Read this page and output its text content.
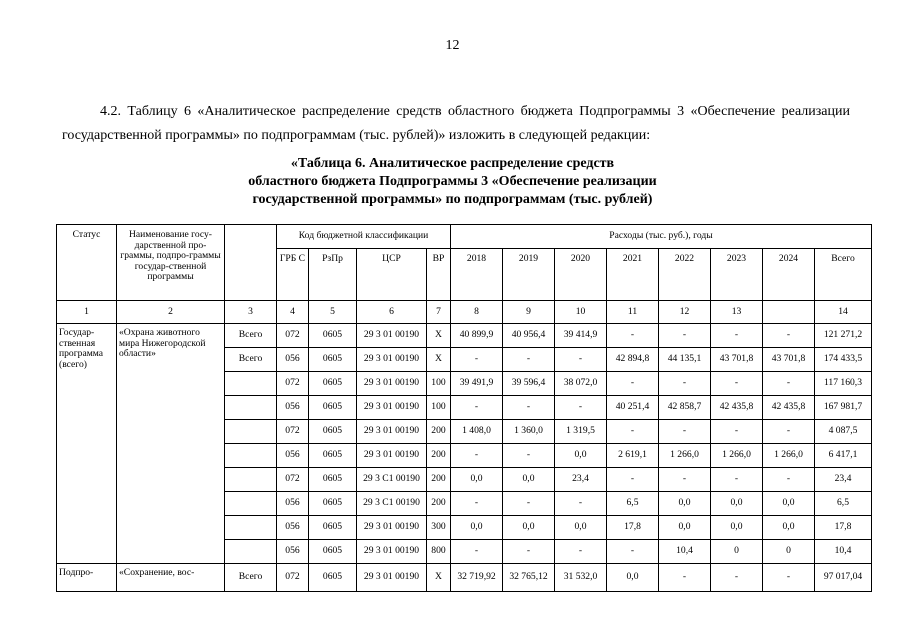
12
4.2. Таблицу 6 «Аналитическое распределение средств областного бюджета Подпрограммы 3 «Обеспечение реализации государственной программы» по подпрограммам (тыс. рублей)» изложить в следующей редакции:
«Таблица 6. Аналитическое распределение средств
областного бюджета Подпрограммы 3 «Обеспечение реализации
государственной программы» по подпрограммам (тыс. рублей)
Статус	Наименование госу-дарственной про-граммы, подпро-граммы государ-ственной программы		Код бюджетной классификации				Расходы (тыс. руб.), годы							
			ГРБ С	РзПр	ЦСР	ВР	2018	2019	2020	2021	2022	2023	2024	Всего
1	2	3	4	5	6	7	8	9	10	11	12	13		14
Государ-ственная программа (всего)	«Охрана животного мира Нижегородской области»	Всего	072	0605	29 3 01 00190	X	40 899,9	40 956,4	39 414,9	-	-	-	-	121 271,2
		Всего	056	0605	29 3 01 00190	X	-	-	-	42 894,8	44 135,1	43 701,8	43 701,8	174 433,5
			072	0605	29 3 01 00190	100	39 491,9	39 596,4	38 072,0	-	-	-	-	117 160,3
			056	0605	29 3 01 00190	100	-	-	-	40 251,4	42 858,7	42 435,8	42 435,8	167 981,7
			072	0605	29 3 01 00190	200	1 408,0	1 360,0	1 319,5	-	-	-	-	4 087,5
			056	0605	29 3 01 00190	200	-	-	0,0	2 619,1	1 266,0	1 266,0	1 266,0	6 417,1
			072	0605	29 3 C1 00190	200	0,0	0,0	23,4	-	-	-	-	23,4
			056	0605	29 3 C1 00190	200	-	-	-	6,5	0,0	0,0	0,0	6,5
			056	0605	29 3 01 00190	300	0,0	0,0	0,0	17,8	0,0	0,0	0,0	17,8
			056	0605	29 3 01 00190	800	-	-	-	-	10,4	0	0	10,4
Подпро-	«Сохранение, вос-	Всего	072	0605	29 3 01 00190	X	32 719,92	32 765,12	31 532,0	0,0	-	-	-	97 017,04
